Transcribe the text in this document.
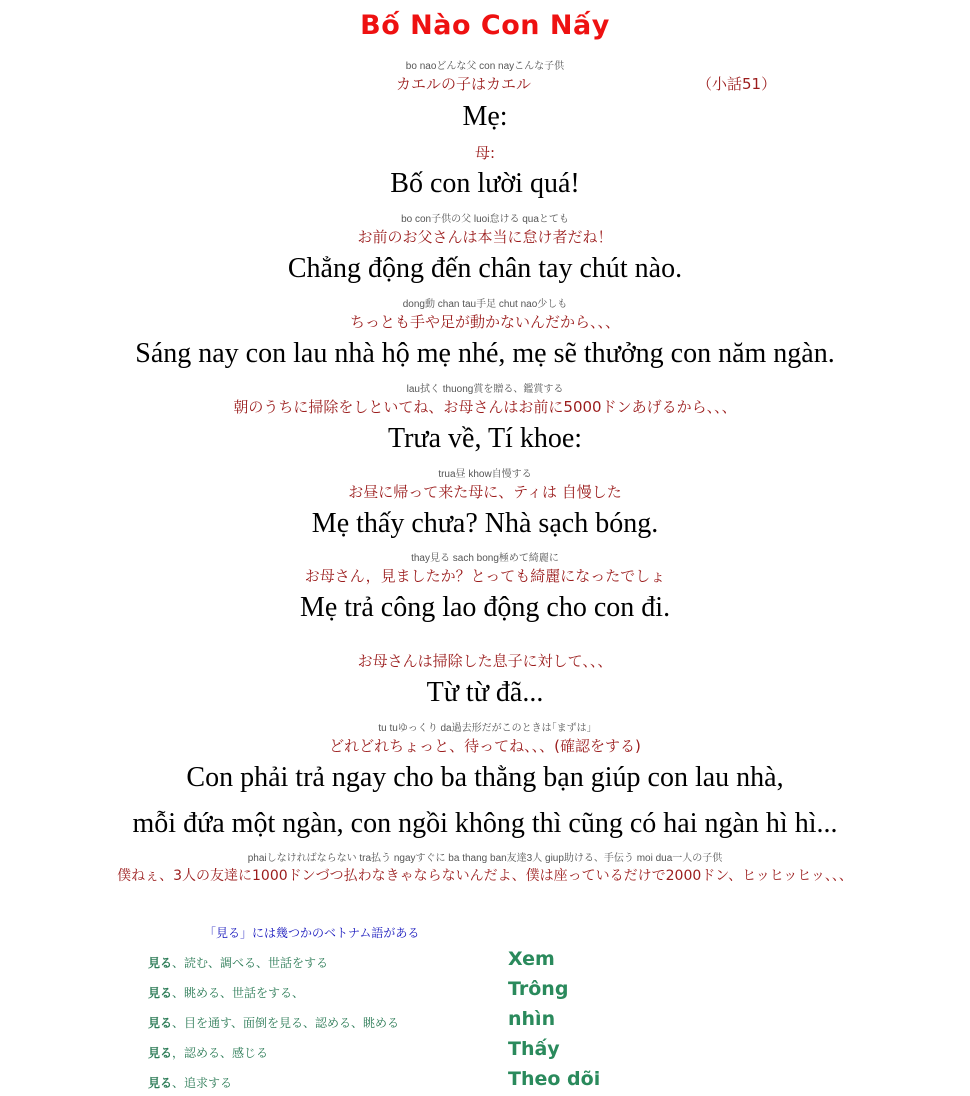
Bố Nào Con Nấy
bo naoどんな父 con nayこんな子供
カエルの子はカエル	（小話51）
Mẹ:
母:
Bố con lười quá!
bo con子供の父 luoi怠ける quaとても
お前のお父さんは本当に怠け者だね！
Chẳng động đến chân tay chút nào.
dong動 chan tau手足 chut nao少しも
ちっとも手や足が動かないんだから、、、
Sáng nay con lau nhà hộ mẹ nhé, mẹ sẽ thưởng con năm ngàn.
lau拭く thuong賞を贈る、鑑賞する
朝のうちに掃除をしといてね、お母さんはお前に5000ドンあげるから、、、
Trưa về, Tí khoe:
trua昼 khow自慢する
お昼に帰って来た母に、ティは 自慢した
Mẹ thấy chưa? Nhà sạch bóng.
thay見る sach bong極めて綺麗に
お母さん，見ましたか？とっても綺麗になったでしょ
Mẹ trả công lao động cho con đi.
お母さんは掃除した息子に対して、、、
Từ từ đã...
tu tuゆっくり da過去形だがこのときは｢まずは｣
どれどれちょっと、待ってね、、、(確認をする)
Con phải trả ngay cho ba thằng bạn giúp con lau nhà,
mỗi đứa một ngàn, con ngồi không thì cũng có hai ngàn hì hì...
phaiしなければならない tra払う ngayすぐに ba thang ban友達3人 giup助ける、手伝う moi dua一人の子供
僕ねぇ、3人の友達に1000ドンづつ払わなきゃならないんだよ、僕は座っているだけで2000ドン、ヒッヒッヒッ、、、
「見る」には幾つかのベトナム語がある
見る、読む、調べる、世話をする	Xem
見る、眺める、世話をする、	Trông
見る、目を通す、面倒を見る、認める、眺める	nhìn
見る，認める、感じる	Thấy
見る、追求する	Theo dõi
